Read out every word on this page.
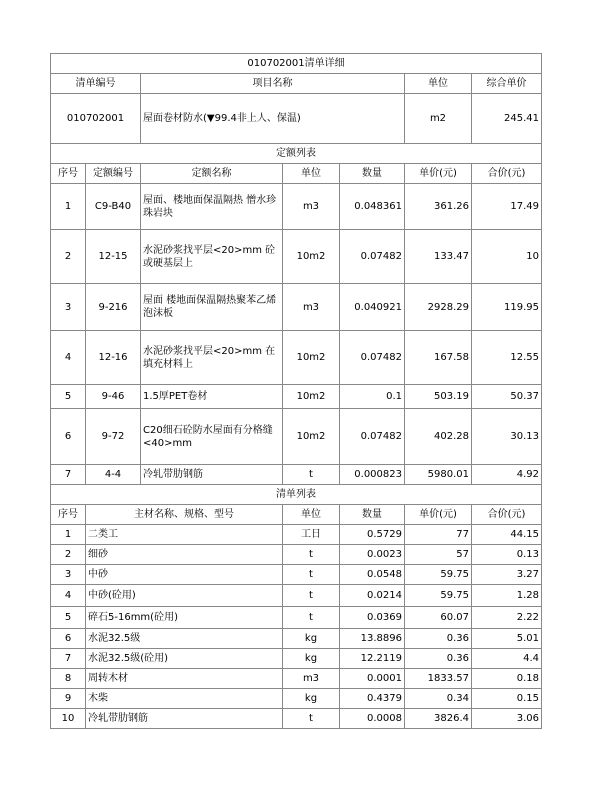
010702001清单详细						
清单编号		项目名称			单位	综合单价
010702001		屋面卷材防水(▼99.4非上人、保温)			m2	245.41
定额列表						
序号	定额编号	定额名称	单位	数量	单价(元)	合价(元)
1	C9-B40	屋面、楼地面保温隔热 憎水珍珠岩块	m3	0.048361	361.26	17.49
2	12-15	水泥砂浆找平层<20>mm 砼或硬基层上	10m2	0.07482	133.47	10
3	9-216	屋面 楼地面保温隔热聚苯乙烯泡沫板	m3	0.040921	2928.29	119.95
4	12-16	水泥砂浆找平层<20>mm 在填充材料上	10m2	0.07482	167.58	12.55
5	9-46	1.5厚PET卷材	10m2	0.1	503.19	50.37
6	9-72	C20细石砼防水屋面有分格缝<40>mm	10m2	0.07482	402.28	30.13
7	4-4	冷轧带肋钢筋	t	0.000823	5980.01	4.92
清单列表						
序号	主材名称、规格、型号		单位	数量	单价(元)	合价(元)
1	二类工		工日	0.5729	77	44.15
2	细砂		t	0.0023	57	0.13
3	中砂		t	0.0548	59.75	3.27
4	中砂(砼用)		t	0.0214	59.75	1.28
5	碎石5-16mm(砼用)		t	0.0369	60.07	2.22
6	水泥32.5级		kg	13.8896	0.36	5.01
7	水泥32.5级(砼用)		kg	12.2119	0.36	4.4
8	周转木材		m3	0.0001	1833.57	0.18
9	木柴		kg	0.4379	0.34	0.15
10	冷轧带肋钢筋		t	0.0008	3826.4	3.06
